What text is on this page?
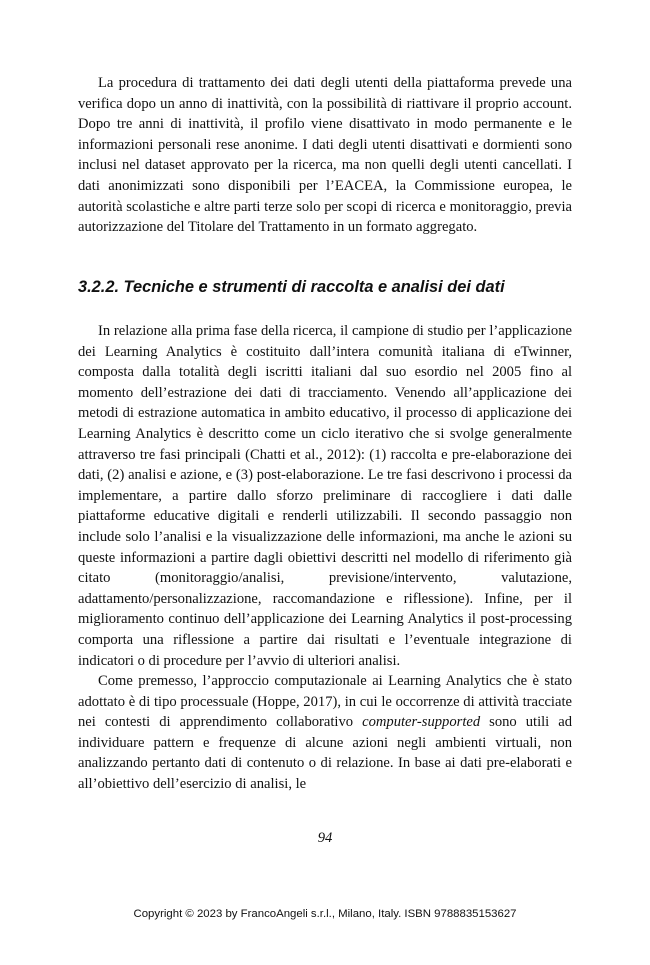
La procedura di trattamento dei dati degli utenti della piattaforma prevede una verifica dopo un anno di inattività, con la possibilità di riattivare il proprio account. Dopo tre anni di inattività, il profilo viene disattivato in modo permanente e le informazioni personali rese anonime. I dati degli utenti disattivati e dormienti sono inclusi nel dataset approvato per la ricerca, ma non quelli degli utenti cancellati. I dati anonimizzati sono disponibili per l’EACEA, la Commissione europea, le autorità scolastiche e altre parti terze solo per scopi di ricerca e monitoraggio, previa autorizzazione del Titolare del Trattamento in un formato aggregato.

3.2.2. Tecniche e strumenti di raccolta e analisi dei dati

In relazione alla prima fase della ricerca, il campione di studio per l’applicazione dei Learning Analytics è costituito dall’intera comunità italiana di eTwinner, composta dalla totalità degli iscritti italiani dal suo esordio nel 2005 fino al momento dell’estrazione dei dati di tracciamento. Venendo all’applicazione dei metodi di estrazione automatica in ambito educativo, il processo di applicazione dei Learning Analytics è descritto come un ciclo iterativo che si svolge generalmente attraverso tre fasi principali (Chatti et al., 2012): (1) raccolta e pre-elaborazione dei dati, (2) analisi e azione, e (3) post-elaborazione. Le tre fasi descrivono i processi da implementare, a partire dallo sforzo preliminare di raccogliere i dati dalle piattaforme educative digitali e renderli utilizzabili. Il secondo passaggio non include solo l’analisi e la visualizzazione delle informazioni, ma anche le azioni su queste informazioni a partire dagli obiettivi descritti nel modello di riferimento già citato (monitoraggio/analisi, previsione/intervento, valutazione, adattamento/personalizzazione, raccomandazione e riflessione). Infine, per il miglioramento continuo dell’applicazione dei Learning Analytics il post-processing comporta una riflessione a partire dai risultati e l’eventuale integrazione di indicatori o di procedure per l’avvio di ulteriori analisi.

Come premesso, l’approccio computazionale ai Learning Analytics che è stato adottato è di tipo processuale (Hoppe, 2017), in cui le occorrenze di attività tracciate nei contesti di apprendimento collaborativo computer-supported sono utili ad individuare pattern e frequenze di alcune azioni negli ambienti virtuali, non analizzando pertanto dati di contenuto o di relazione. In base ai dati pre-elaborati e all’obiettivo dell’esercizio di analisi, le

94
Copyright © 2023 by FrancoAngeli s.r.l., Milano, Italy. ISBN 9788835153627
